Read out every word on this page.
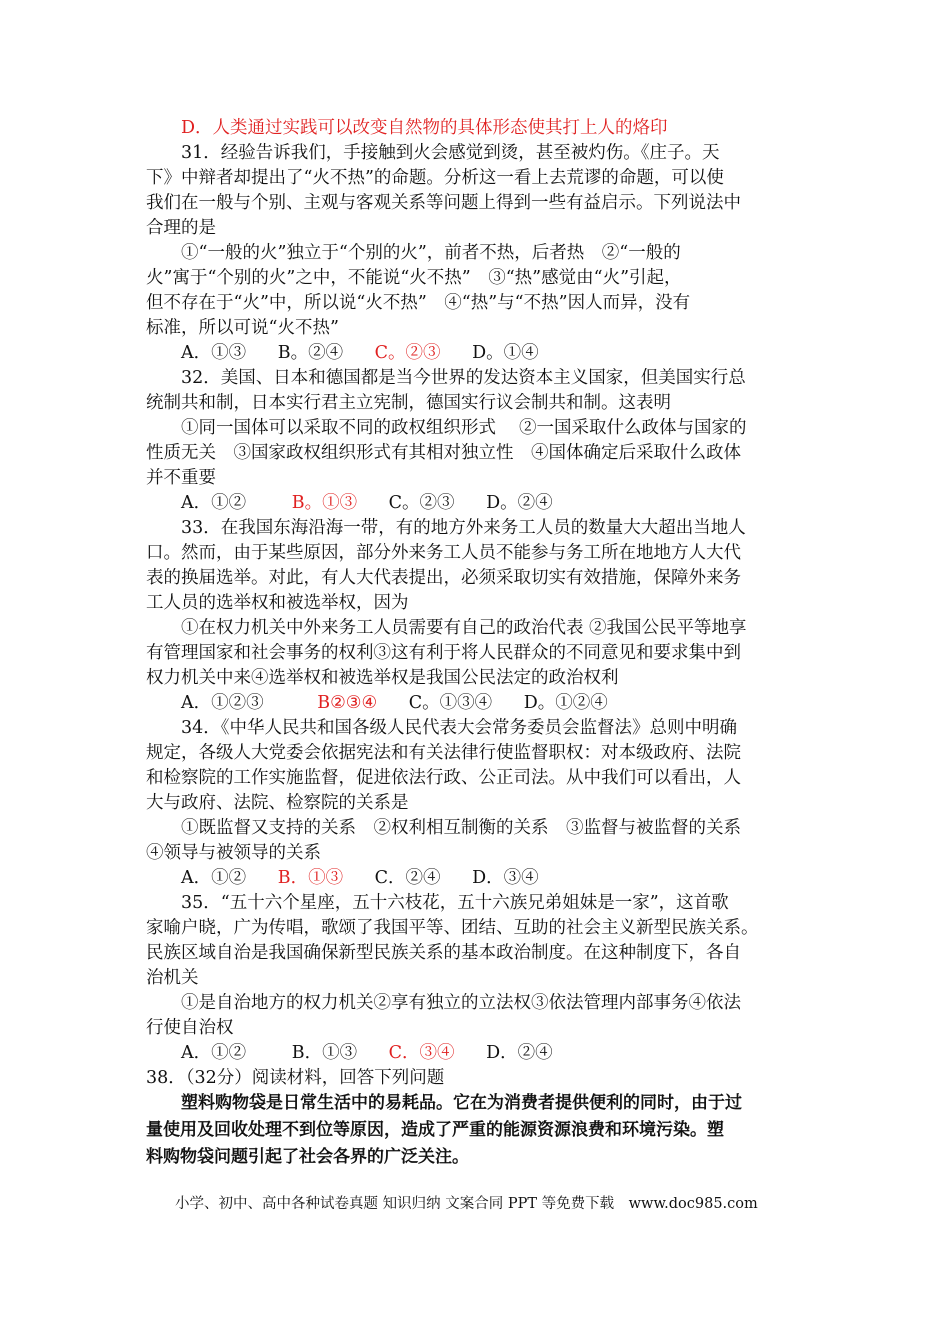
D．人类通过实践可以改变自然物的具体形态使其打上人的烙印
31．经验告诉我们，手接触到火会感觉到烫，甚至被灼伤。《庄子。天
下》中辩者却提出了“火不热”的命题。分析这一看上去荒谬的命题，可以使
我们在一般与个别、主观与客观关系等问题上得到一些有益启示。下列说法中
合理的是
①“一般的火”独立于“个别的火”，前者不热，后者热　②“一般的
火”寓于“个别的火”之中，不能说“火不热”　③“热”感觉由“火”引起，
但不存在于“火”中，所以说“火不热”　④“热”与“不热”因人而异，没有
标准，所以可说“火不热”
A．①③ B。②④ C。②③ D。①④
32．美国、日本和德国都是当今世界的发达资本主义国家，但美国实行总
统制共和制，日本实行君主立宪制，德国实行议会制共和制。这表明
①同一国体可以采取不同的政权组织形式　 ②一国采取什么政体与国家的
性质无关　③国家政权组织形式有其相对独立性　④国体确定后采取什么政体
并不重要
A．①②	B。①③ C。②③ D。②④
33．在我国东海沿海一带，有的地方外来务工人员的数量大大超出当地人
口。然而，由于某些原因，部分外来务工人员不能参与务工所在地地方人大代
表的换届选举。对此，有人大代表提出，必须采取切实有效措施，保障外来务
工人员的选举权和被选举权，因为
①在权力机关中外来务工人员需要有自己的政治代表 ②我国公民平等地享
有管理国家和社会事务的权利③这有利于将人民群众的不同意见和要求集中到
权力机关中来④选举权和被选举权是我国公民法定的政治权利
A．①②③	B②③④ C。①③④ D。①②④
34．《中华人民共和国各级人民代表大会常务委员会监督法》总则中明确
规定，各级人大党委会依据宪法和有关法律行使监督职权：对本级政府、法院
和检察院的工作实施监督，促进依法行政、公正司法。从中我们可以看出，人
大与政府、法院、检察院的关系是
①既监督又支持的关系　②权利相互制衡的关系　③监督与被监督的关系
④领导与被领导的关系
A．①② B．①③ C．②④ D．③④
35．“五十六个星座，五十六枝花，五十六族兄弟姐妹是一家”，这首歌
家喻户晓，广为传唱，歌颂了我国平等、团结、互助的社会主义新型民族关系。
民族区域自治是我国确保新型民族关系的基本政治制度。在这种制度下，各自
治机关
①是自治地方的权力机关②享有独立的立法权③依法管理内部事务④依法
行使自治权
A．①②	B．①③ C．③④ D．②④
38．（32分）阅读材料，回答下列问题
塑料购物袋是日常生活中的易耗品。它在为消费者提供便利的同时，由于过
量使用及回收处理不到位等原因，造成了严重的能源资源浪费和环境污染。塑
料购物袋问题引起了社会各界的广泛关注。
小学、初中、高中各种试卷真题 知识归纳 文案合同 PPT 等免费下载　www.doc985.com
